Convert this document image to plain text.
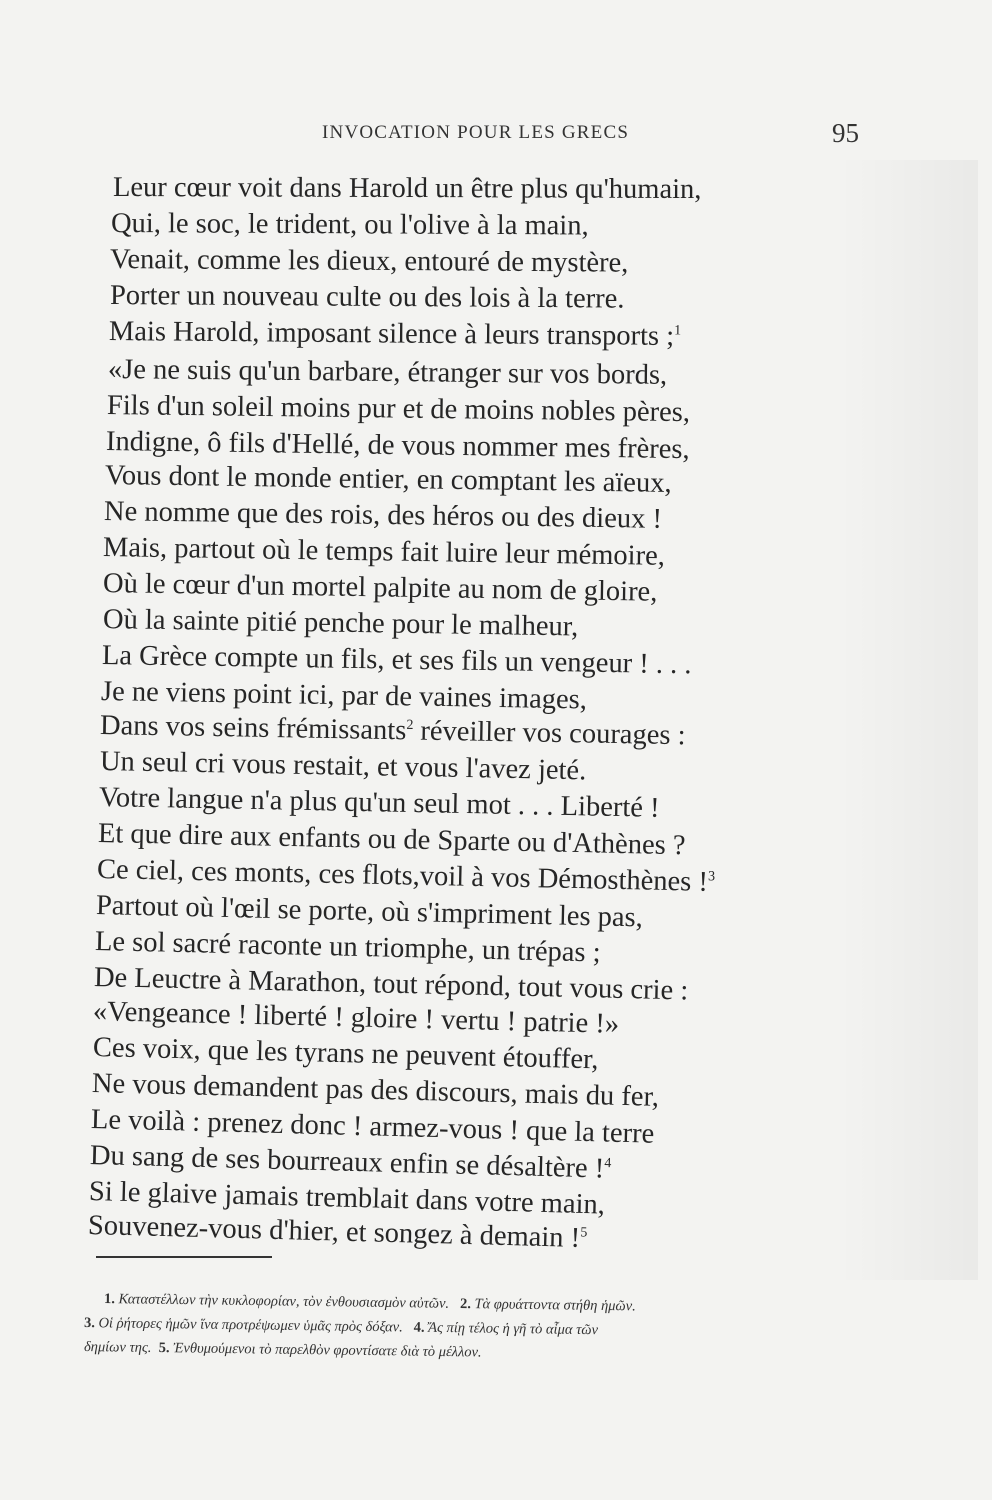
INVOCATION POUR LES GRECS	95
Leur cœur voit dans Harold un être plus qu'humain,
Qui, le soc, le trident, ou l'olive à la main,
Venait, comme les dieux, entouré de mystère,
Porter un nouveau culte ou des lois à la terre.
Mais Harold, imposant silence à leurs transports ;$^1$
«Je ne suis qu'un barbare, étranger sur vos bords,
Fils d'un soleil moins pur et de moins nobles pères,
Indigne, ô fils d'Hellé, de vous nommer mes frères,
Vous dont le monde entier, en comptant les aïeux,
Ne nomme que des rois, des héros ou des dieux !
Mais, partout où le temps fait luire leur mémoire,
Où le cœur d'un mortel palpite au nom de gloire,
Où la sainte pitié penche pour le malheur,
La Grèce compte un fils, et ses fils un vengeur ! . . .
Je ne viens point ici, par de vaines images,
Dans vos seins frémissants$^2$ réveiller vos courages :
Un seul cri vous restait, et vous l'avez jeté.
Votre langue n'a plus qu'un seul mot . . . Liberté !
Et que dire aux enfants ou de Sparte ou d'Athènes ?
Ce ciel, ces monts, ces flots,voil à vos Démosthènes !$^3$
Partout où l'œil se porte, où s'impriment les pas,
Le sol sacré raconte un triomphe, un trépas ;
De Leuctre à Marathon, tout répond, tout vous crie :
«Vengeance ! liberté ! gloire ! vertu ! patrie !»
Ces voix, que les tyrans ne peuvent étouffer,
Ne vous demandent pas des discours, mais du fer,
Le voilà : prenez donc ! armez-vous ! que la terre
Du sang de ses bourreaux enfin se désaltère !$^4$
Si le glaive jamais tremblait dans votre main,
Souvenez-vous d'hier, et songez à demain !$^5$
1. Καταστέλλων τὴν κυκλοφορίαν, τὸν ἐνθουσιασμὸν αὐτῶν. 2. Τὰ φρυάττοντα στήθη ἡμῶν.
3. Οἱ ῥήτορες ἡμῶν ἵνα προτρέψωμεν ὑμᾶς πρὸς δόξαν. 4. Ἄς πίῃ τέλος ἡ γῆ τὸ αἷμα τῶν
δημίων της. 5. Ἐνθυμούμενοι τὸ παρελθὸν φροντίσατε διὰ τὸ μέλλον.
